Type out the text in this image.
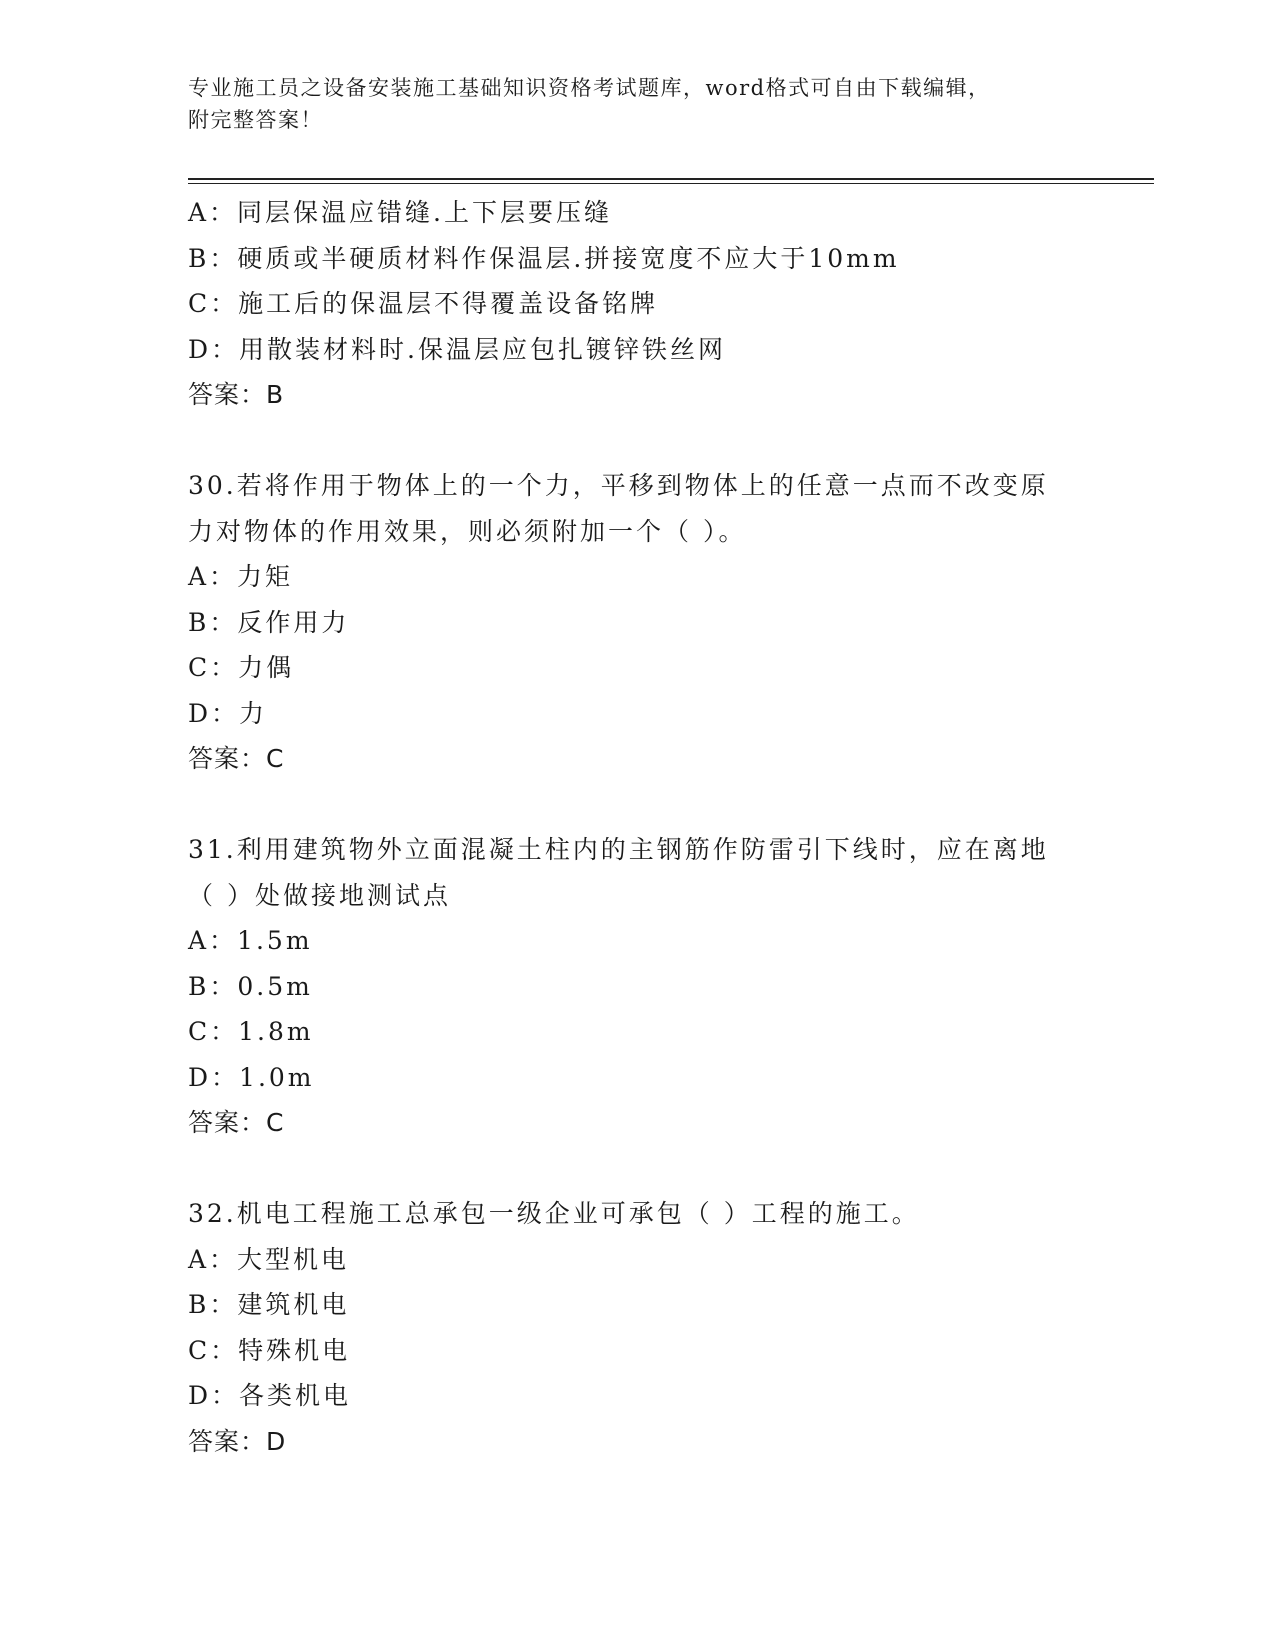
专业施工员之设备安装施工基础知识资格考试题库，word格式可自由下载编辑，
附完整答案！
A：同层保温应错缝.上下层要压缝
B：硬质或半硬质材料作保温层.拼接宽度不应大于10mm
C：施工后的保温层不得覆盖设备铭牌
D：用散装材料时.保温层应包扎镀锌铁丝网
答案：B
30.若将作用于物体上的一个力，平移到物体上的任意一点而不改变原
力对物体的作用效果，则必须附加一个（ ）。
A：力矩
B：反作用力
C：力偶
D：力
答案：C
31.利用建筑物外立面混凝土柱内的主钢筋作防雷引下线时，应在离地
（ ）处做接地测试点
A：1.5m
B：0.5m
C：1.8m
D：1.0m
答案：C
32.机电工程施工总承包一级企业可承包（ ）工程的施工。
A：大型机电
B：建筑机电
C：特殊机电
D：各类机电
答案：D
